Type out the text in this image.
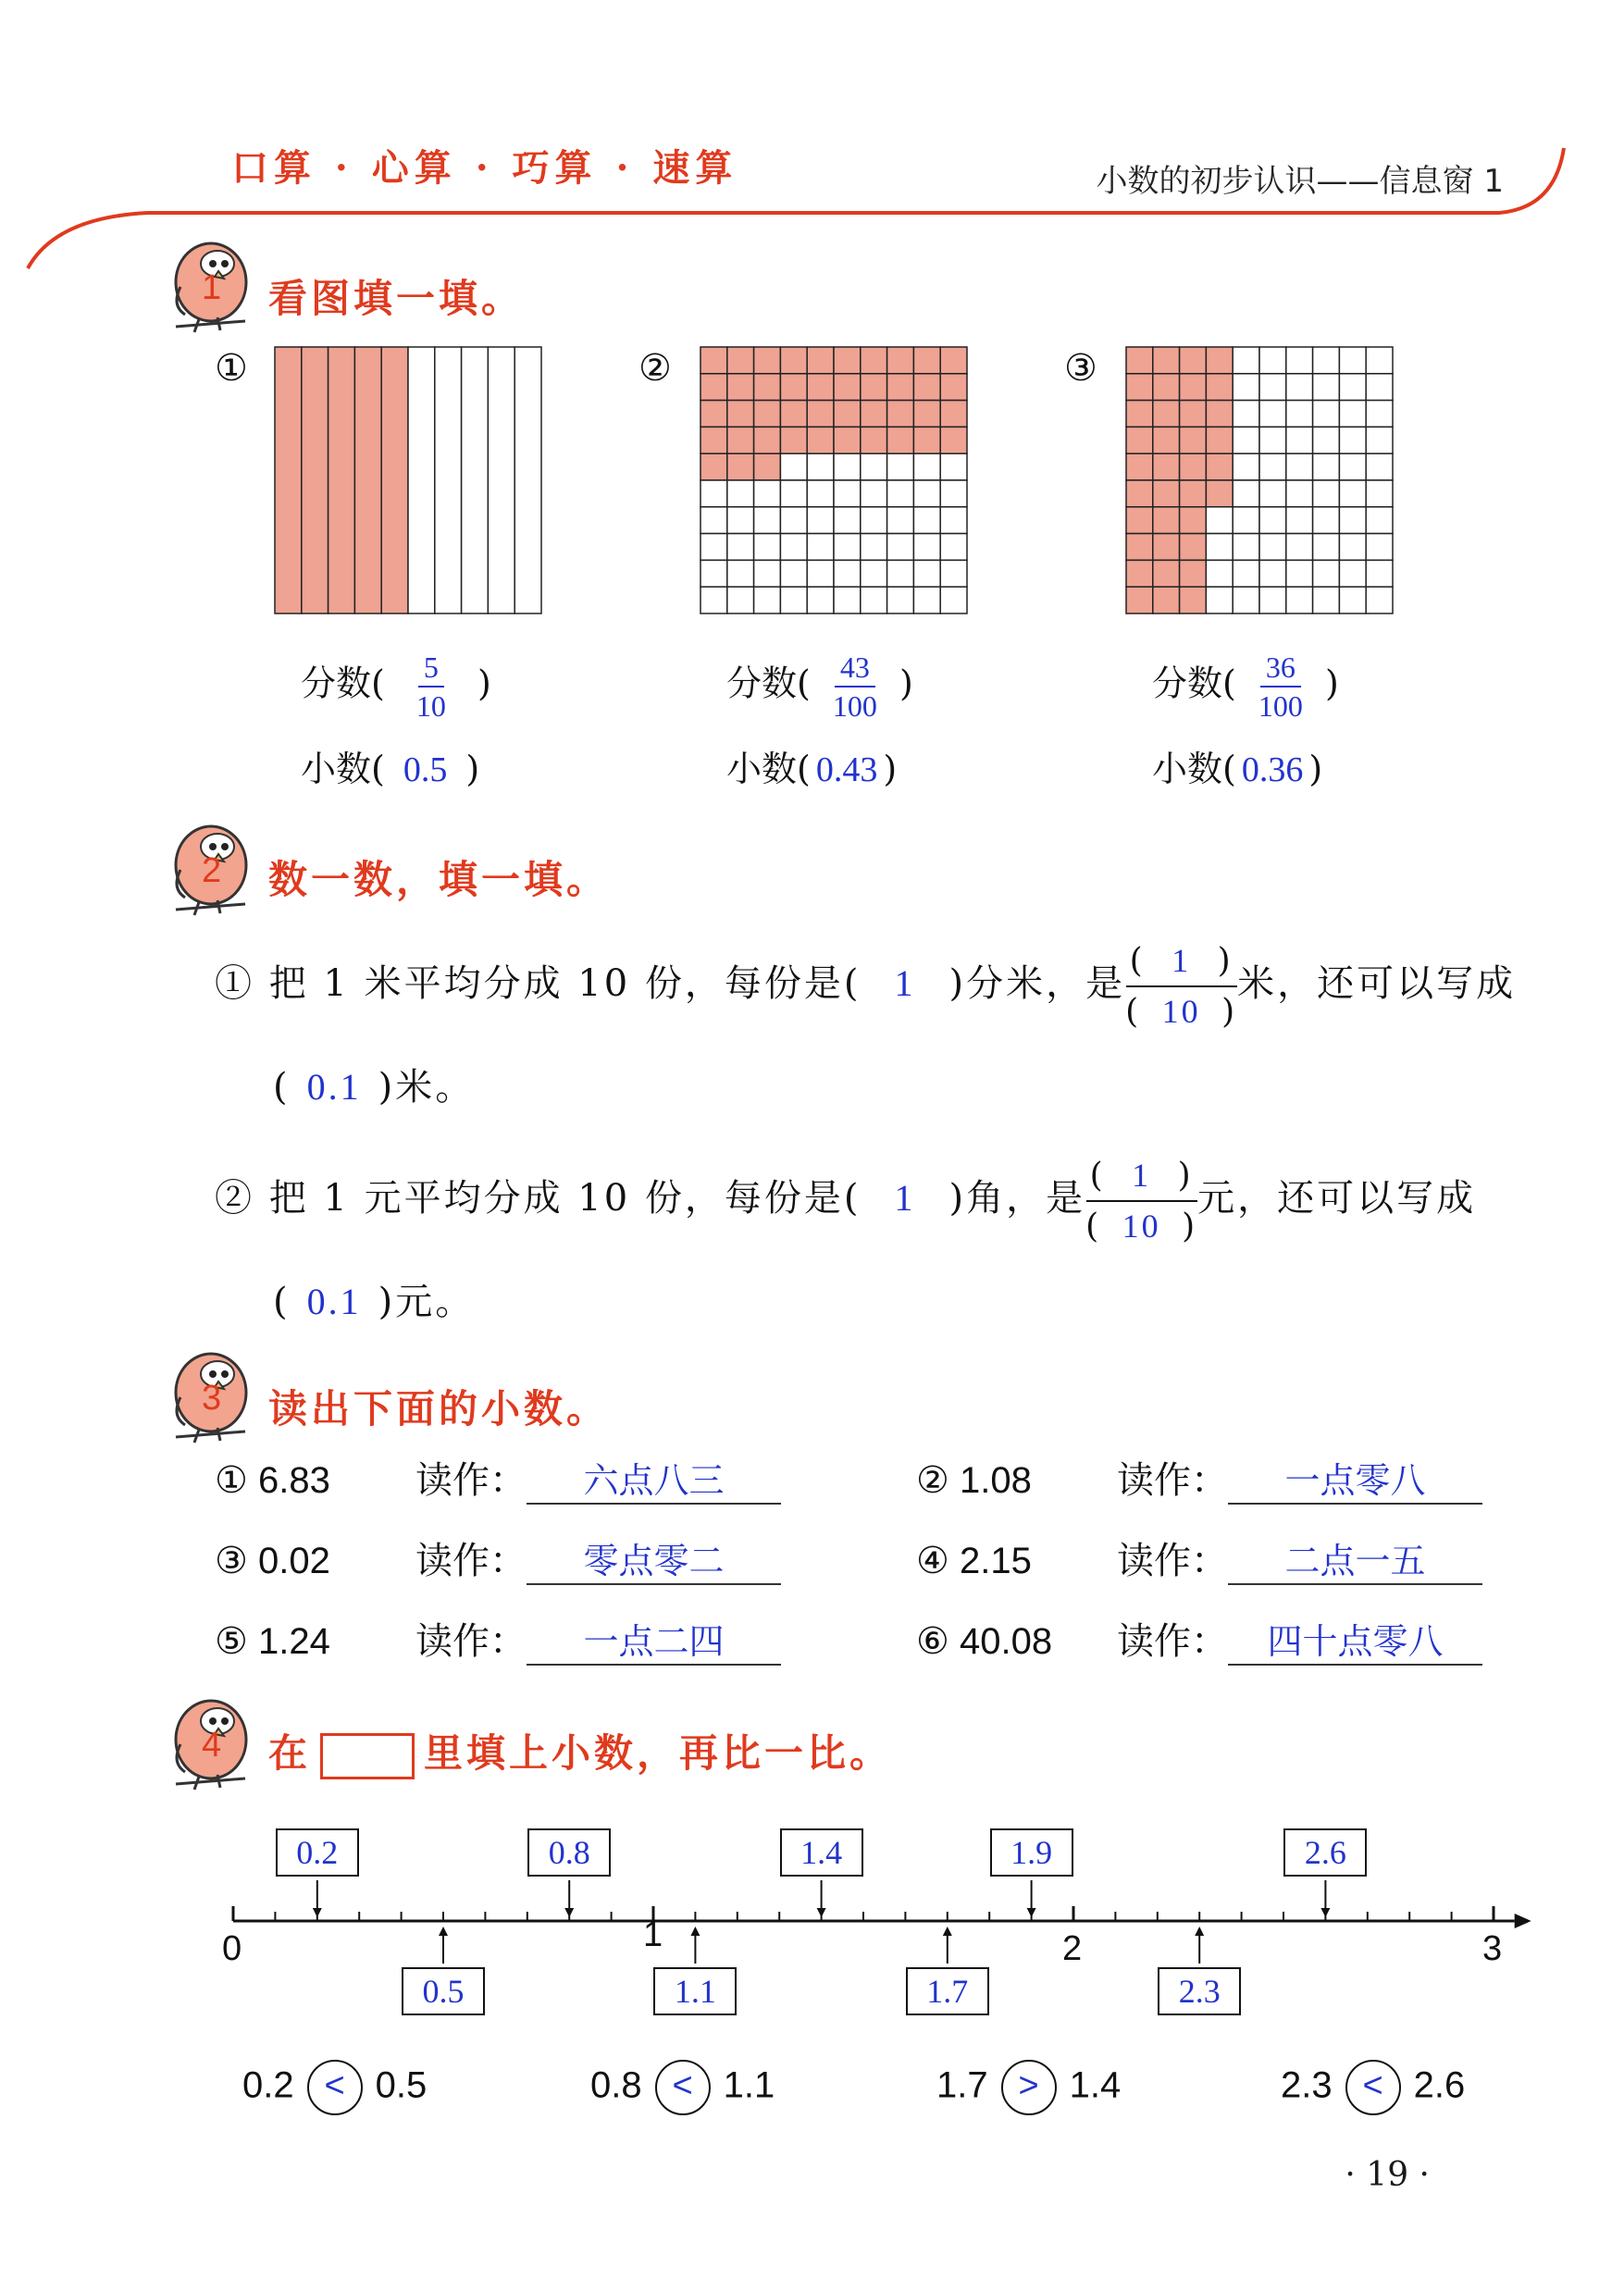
口算 · 心算 · 巧算 · 速算	小数的初步认识——信息窗 1
1 看图填一填。
①	②	③
分数( $\frac{5}{10}$ )
小数( 0.5 )
分数( $\frac{43}{100}$ )
小数( 0.43 )
分数( $\frac{36}{100}$ )
小数( 0.36 )
2 数一数，填一填。
① 把 1 米平均分成 10 份，每份是( 1 )分米，是 $\frac{( 1 )}{( 10 )}$ 米，还可以写成
( 0.1 )米。
② 把 1 元平均分成 10 份，每份是( 1 )角，是 $\frac{( 1 )}{( 10 )}$ 元，还可以写成
( 0.1 )元。
3 读出下面的小数。
① 6.83 读作： 六点八三	② 1.08 读作： 一点零八
③ 0.02 读作： 零点零二	④ 2.15 读作： 二点一五
⑤ 1.24 读作： 一点二四	⑥ 40.08 读作： 四十点零八
4 在	里填上小数，再比一比。
0	1	2	3
0.2	0.8	1.4	1.9	2.6
0.5	1.1	1.7	2.3
0.2 < 0.5	0.8 < 1.1	1.7 > 1.4	2.3 < 2.6
· 19 ·
